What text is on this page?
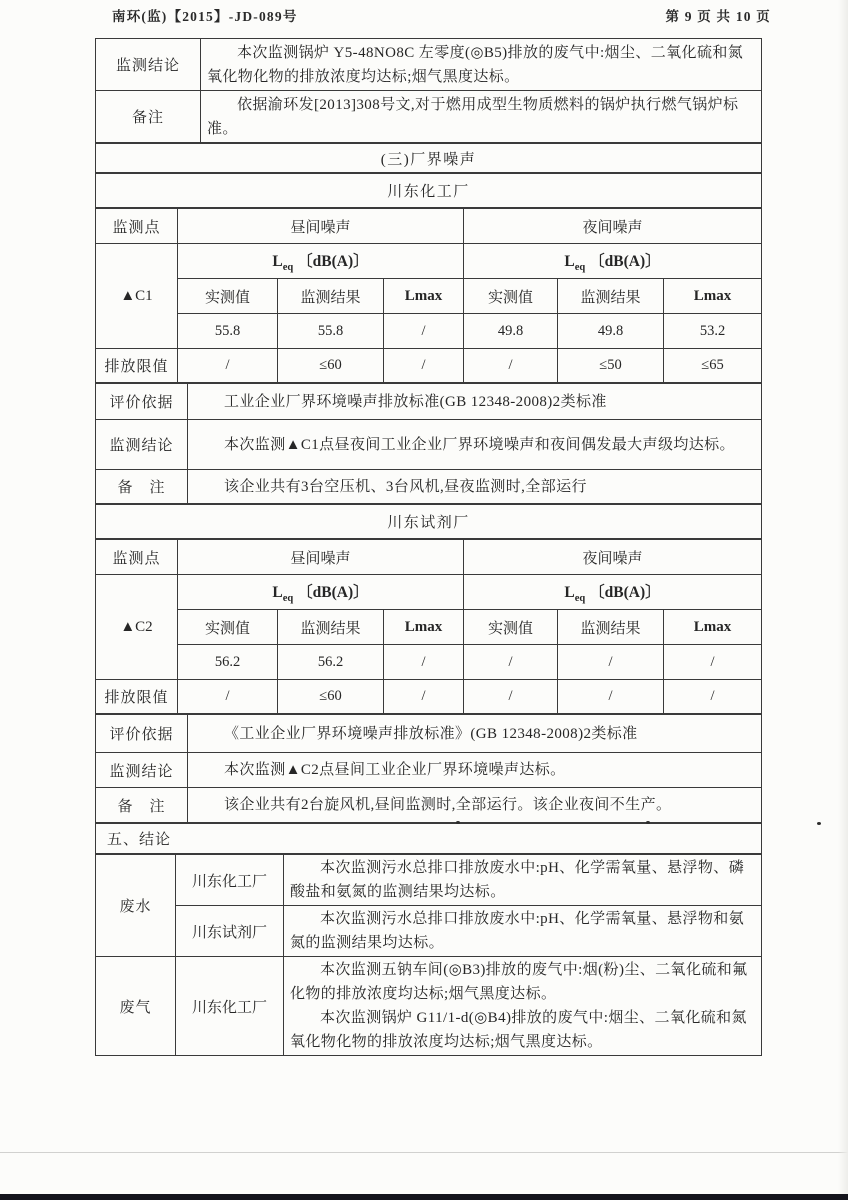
南环(监)【2015】-JD-089号	第 9 页 共 10 页
监测结论	本次监测锅炉 Y5-48NO8C 左零度(◎B5)排放的废气中:烟尘、二氧化硫和氮氧化物化物的排放浓度均达标;烟气黑度达标。

备注	依据渝环发[2013]308号文,对于燃用成型生物质燃料的锅炉执行燃气锅炉标准。
(三)厂界噪声
川东化工厂
监测点	昼间噪声			夜间噪声		
▲C1	$L_{eq}$ 〔dB(A)〕			$L_{eq}$ 〔dB(A)〕		
	实测值	监测结果	Lmax	实测值	监测结果	Lmax
	55.8	55.8	/	49.8	49.8	53.2
排放限值	/	≤60	/	/	≤50	≤65
评价依据	工业企业厂界环境噪声排放标准(GB 12348-2008)2类标准

监测结论	本次监测▲C1点昼夜间工业企业厂界环境噪声和夜间偶发最大声级均达标。

备　注	该企业共有3台空压机、3台风机,昼夜监测时,全部运行
川东试剂厂
监测点	昼间噪声			夜间噪声		
▲C2	$L_{eq}$ 〔dB(A)〕			$L_{eq}$ 〔dB(A)〕		
	实测值	监测结果	Lmax	实测值	监测结果	Lmax
	56.2	56.2	/	/	/	/
排放限值	/	≤60	/	/	/	/
评价依据	《工业企业厂界环境噪声排放标准》(GB 12348-2008)2类标准

监测结论	本次监测▲C2点昼间工业企业厂界环境噪声达标。

备　注	该企业共有2台旋风机,昼间监测时,全部运行。该企业夜间不生产。
五、结论
废水	川东化工厂	本次监测污水总排口排放废水中:pH、化学需氧量、悬浮物、磷酸盐和氨氮的监测结果均达标。

	川东试剂厂	本次监测污水总排口排放废水中:pH、化学需氧量、悬浮物和氨氮的监测结果均达标。

废气	川东化工厂	本次监测五钠车间(◎B3)排放的废气中:烟(粉)尘、二氧化硫和氟化物的排放浓度均达标;烟气黑度达标。
本次监测锅炉 G11/1-d(◎B4)排放的废气中:烟尘、二氧化硫和氮氧化物化物的排放浓度均达标;烟气黑度达标。
